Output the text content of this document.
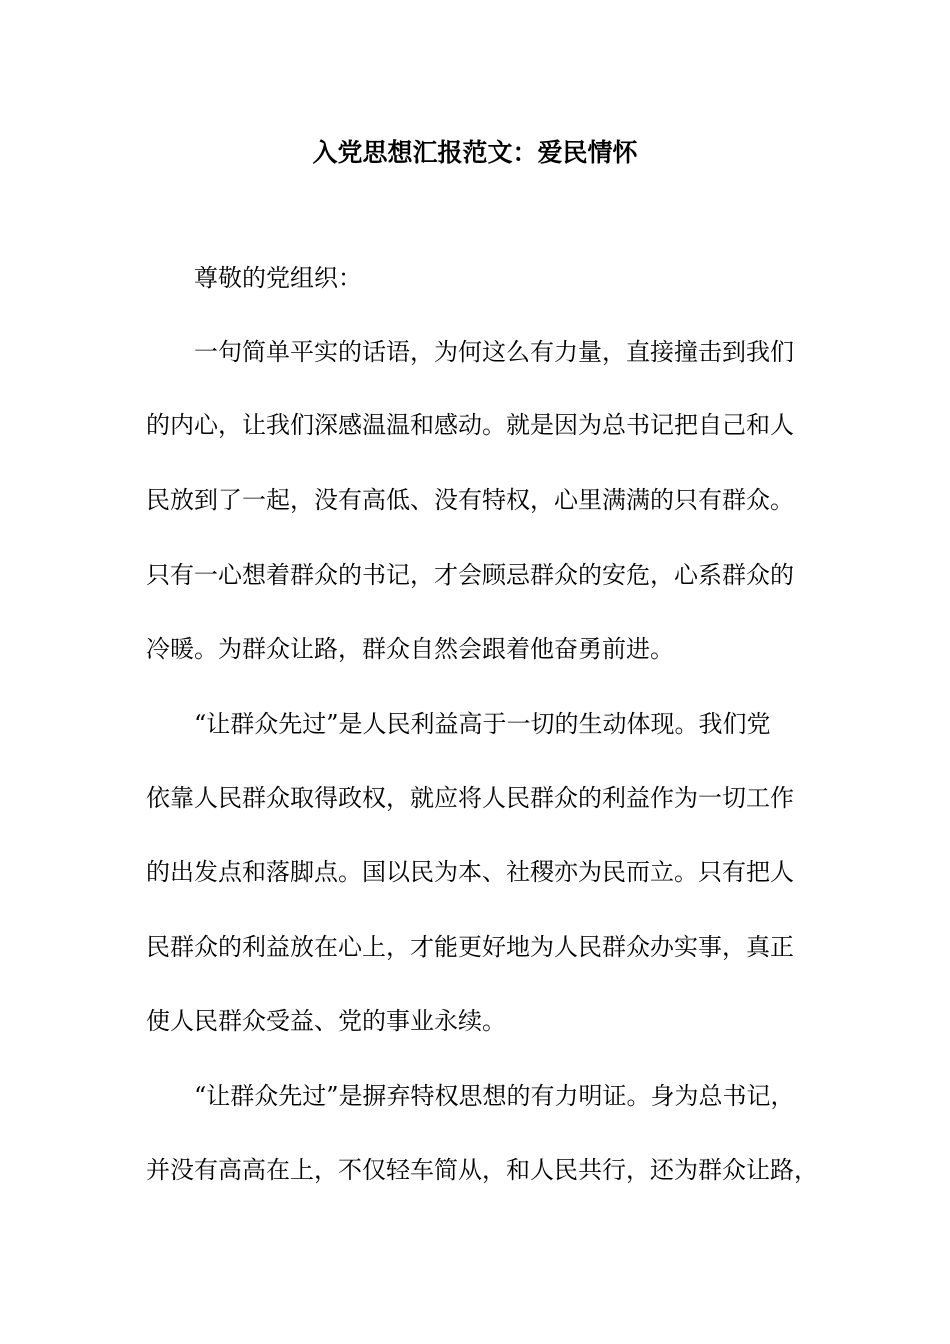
入党思想汇报范文：爱民情怀

尊敬的党组织：

一句简单平实的话语，为何这么有力量，直接撞击到我们

的内心，让我们深感温温和感动。就是因为总书记把自己和人

民放到了一起，没有高低、没有特权，心里满满的只有群众。

只有一心想着群众的书记，才会顾忌群众的安危，心系群众的

冷暖。为群众让路，群众自然会跟着他奋勇前进。

“让群众先过”是人民利益高于一切的生动体现。我们党

依靠人民群众取得政权，就应将人民群众的利益作为一切工作

的出发点和落脚点。国以民为本、社稷亦为民而立。只有把人

民群众的利益放在心上，才能更好地为人民群众办实事，真正

使人民群众受益、党的事业永续。

“让群众先过”是摒弃特权思想的有力明证。身为总书记，

并没有高高在上，不仅轻车简从，和人民共行，还为群众让路，
